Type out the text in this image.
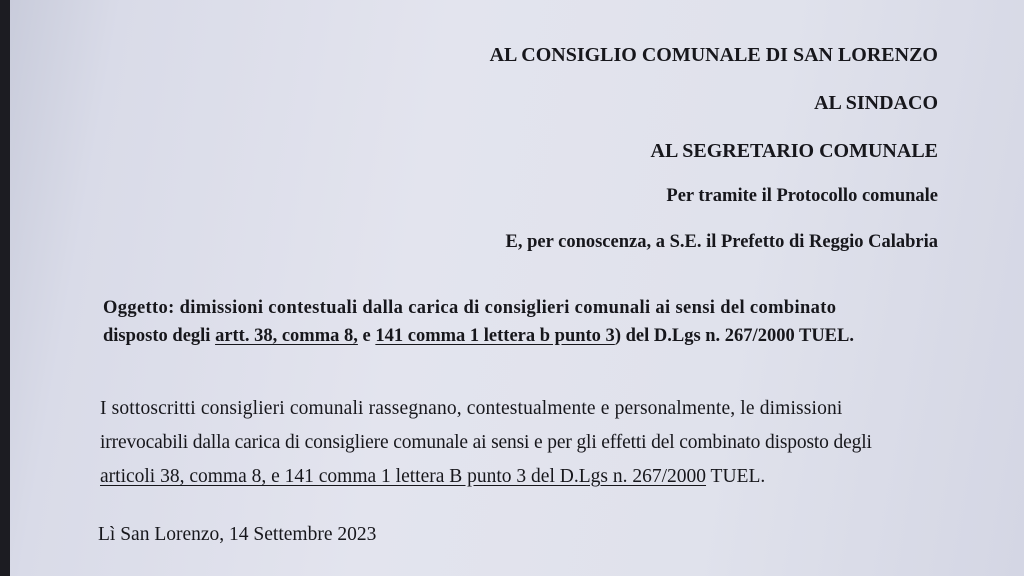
AL CONSIGLIO COMUNALE DI SAN LORENZO
AL SINDACO
AL SEGRETARIO COMUNALE
Per tramite il Protocollo comunale
E, per conoscenza, a S.E. il Prefetto di Reggio Calabria
Oggetto: dimissioni contestuali dalla carica di consiglieri comunali ai sensi del combinato
disposto degli artt. 38, comma 8, e 141 comma 1 lettera b punto 3) del D.Lgs n. 267/2000 TUEL.
I sottoscritti consiglieri comunali rassegnano, contestualmente e personalmente, le dimissioni
irrevocabili dalla carica di consigliere comunale ai sensi e per gli effetti del combinato disposto degli
articoli 38, comma 8, e 141 comma 1 lettera B punto 3 del D.Lgs n. 267/2000 TUEL.
Lì San Lorenzo, 14 Settembre 2023
